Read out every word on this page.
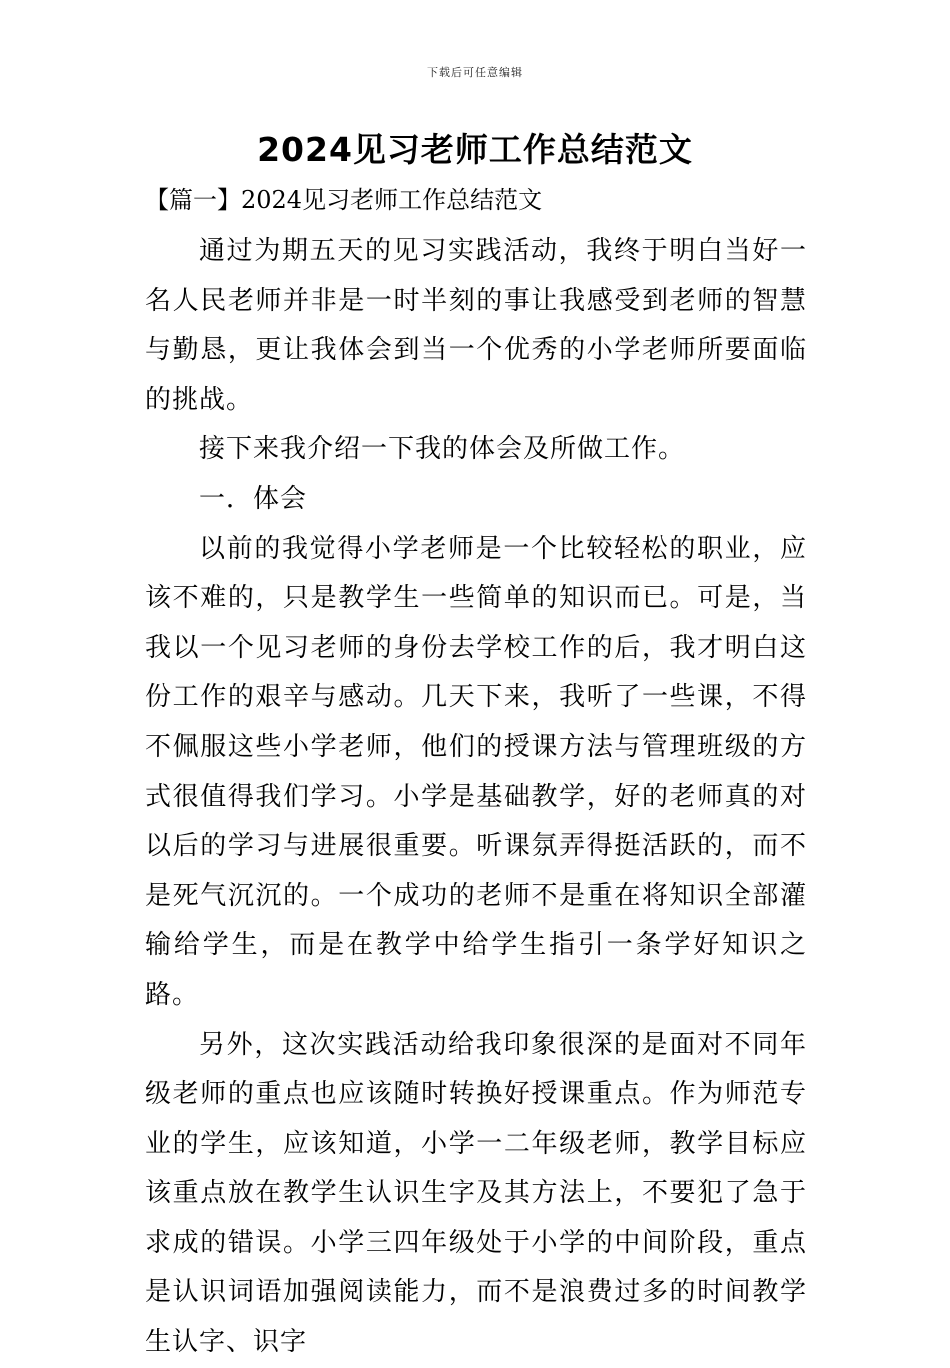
下载后可任意编辑
2024见习老师工作总结范文
【篇一】2024见习老师工作总结范文

通过为期五天的见习实践活动，我终于明白当好一名人民老师并非是一时半刻的事让我感受到老师的智慧与勤恳，更让我体会到当一个优秀的小学老师所要面临的挑战。

接下来我介绍一下我的体会及所做工作。

一．体会

以前的我觉得小学老师是一个比较轻松的职业，应该不难的，只是教学生一些简单的知识而已。可是，当我以一个见习老师的身份去学校工作的后，我才明白这份工作的艰辛与感动。几天下来，我听了一些课，不得不佩服这些小学老师，他们的授课方法与管理班级的方式很值得我们学习。小学是基础教学，好的老师真的对以后的学习与进展很重要。听课氛弄得挺活跃的，而不是死气沉沉的。一个成功的老师不是重在将知识全部灌输给学生，而是在教学中给学生指引一条学好知识之路。

另外，这次实践活动给我印象很深的是面对不同年级老师的重点也应该随时转换好授课重点。作为师范专业的学生，应该知道，小学一二年级老师，教学目标应该重点放在教学生认识生字及其方法上，不要犯了急于求成的错误。小学三四年级处于小学的中间阶段，重点是认识词语加强阅读能力，而不是浪费过多的时间教学生认字、识字
